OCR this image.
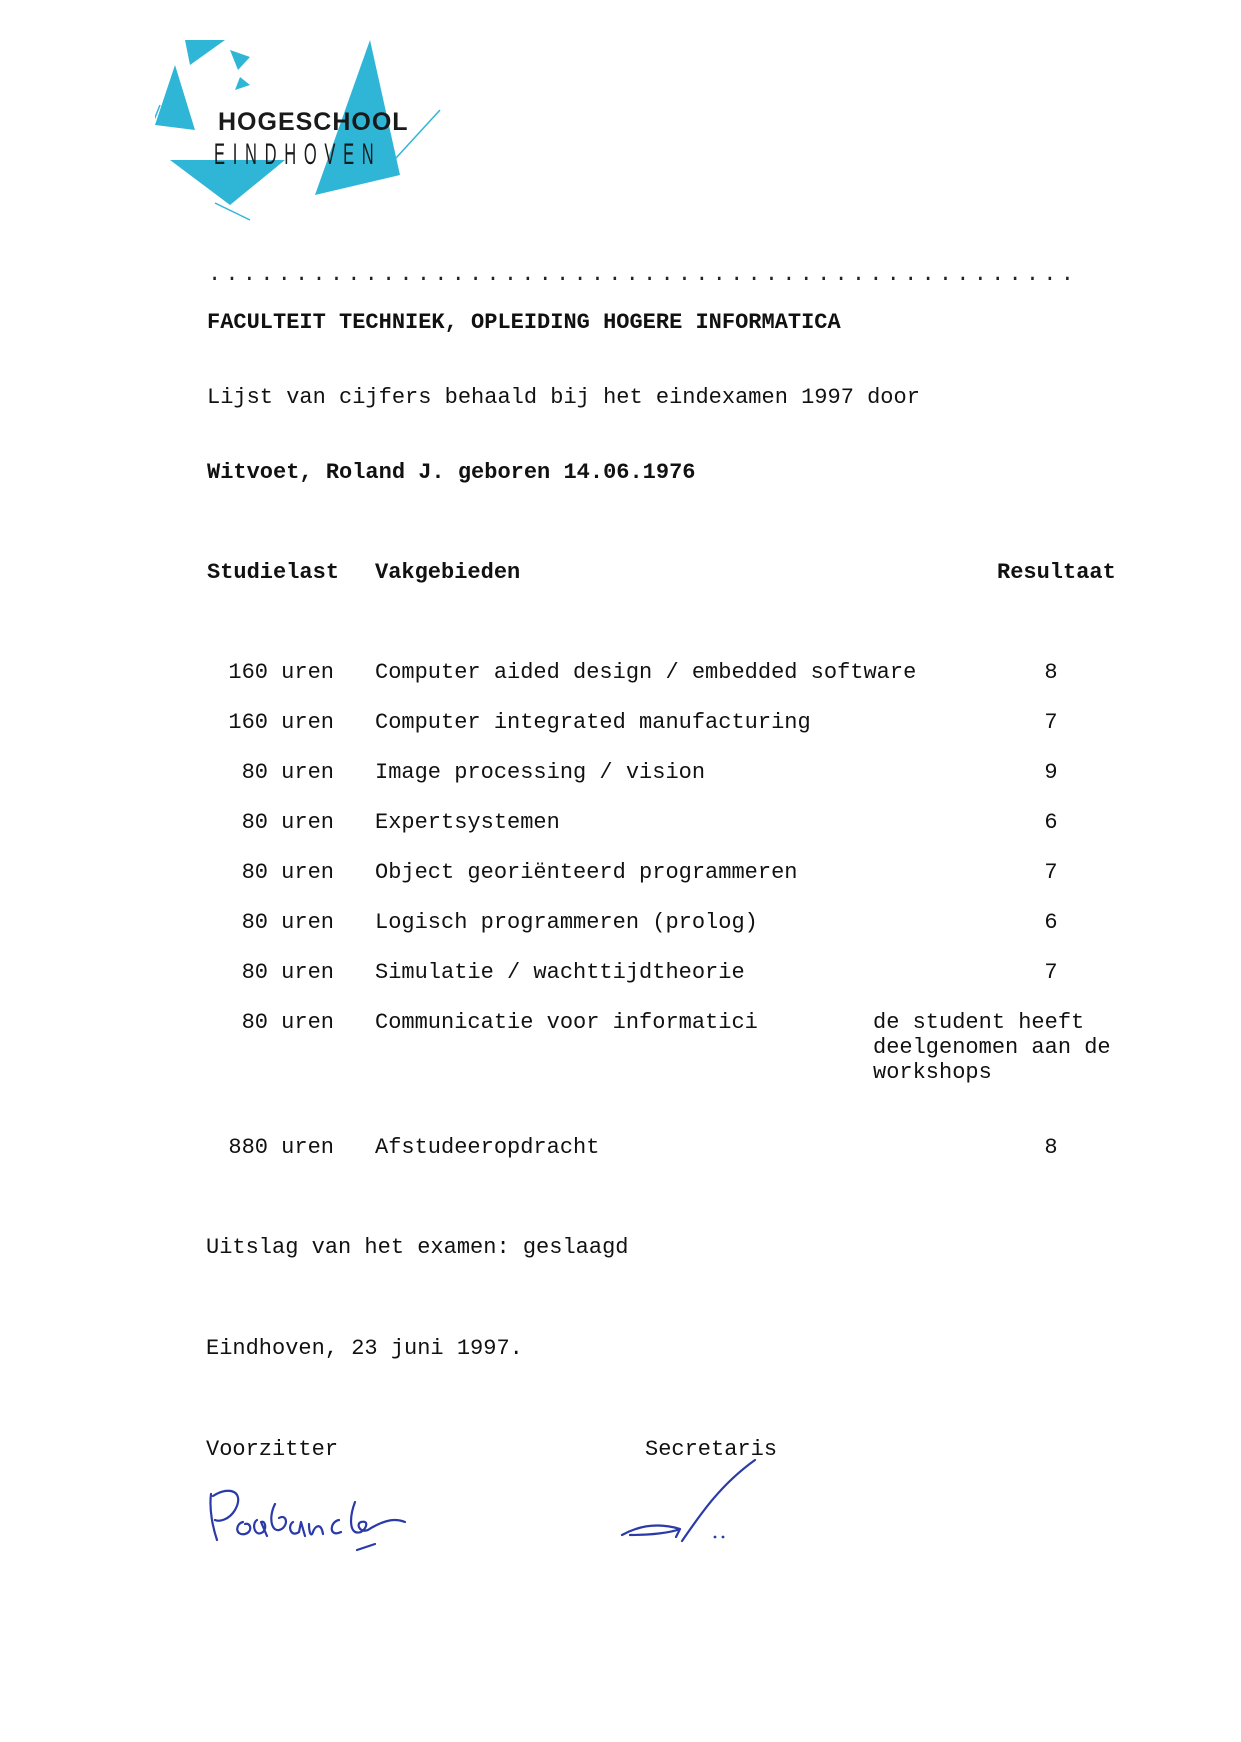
HOGESCHOOL
EINDHOVEN
..................................................
FACULTEIT TECHNIEK, OPLEIDING HOGERE INFORMATICA
Lijst van cijfers behaald bij het eindexamen 1997 door
Witvoet, Roland J. geboren 14.06.1976
Studielast Vakgebieden	Resultaat
160 uren Computer aided design / embedded software	8
160 uren Computer integrated manufacturing	7
80 uren Image processing / vision	9
80 uren Expertsystemen	6
80 uren Object georiënteerd programmeren	7
80 uren Logisch programmeren (prolog)	6
80 uren Simulatie / wachttijdtheorie	7
80 uren Communicatie voor informatici	de student heeft deelgenomen aan de workshops
880 uren Afstudeeropdracht	8
Uitslag van het examen: geslaagd
Eindhoven, 23 juni 1997.
Voorzitter	Secretaris
